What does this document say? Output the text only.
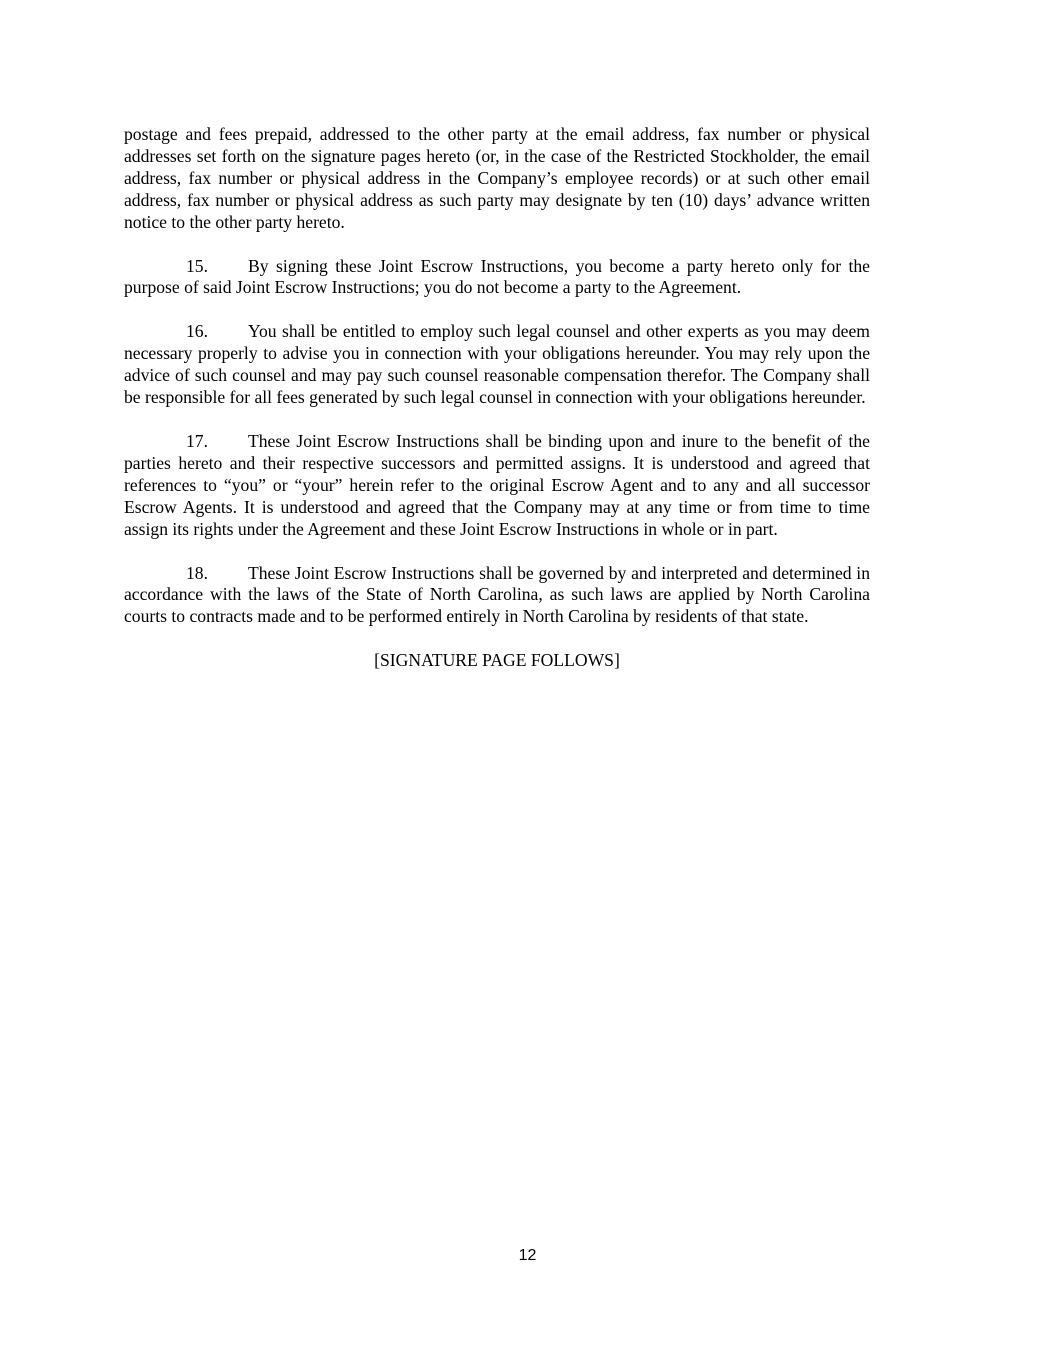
postage and fees prepaid, addressed to the other party at the email address, fax number or physical addresses set forth on the signature pages hereto (or, in the case of the Restricted Stockholder, the email address, fax number or physical address in the Company’s employee records) or at such other email address, fax number or physical address as such party may designate by ten (10) days’ advance written notice to the other party hereto.

15. By signing these Joint Escrow Instructions, you become a party hereto only for the purpose of said Joint Escrow Instructions; you do not become a party to the Agreement.

16. You shall be entitled to employ such legal counsel and other experts as you may deem necessary properly to advise you in connection with your obligations hereunder. You may rely upon the advice of such counsel and may pay such counsel reasonable compensation therefor. The Company shall be responsible for all fees generated by such legal counsel in connection with your obligations hereunder.

17. These Joint Escrow Instructions shall be binding upon and inure to the benefit of the parties hereto and their respective successors and permitted assigns. It is understood and agreed that references to “you” or “your” herein refer to the original Escrow Agent and to any and all successor Escrow Agents. It is understood and agreed that the Company may at any time or from time to time assign its rights under the Agreement and these Joint Escrow Instructions in whole or in part.

18. These Joint Escrow Instructions shall be governed by and interpreted and determined in accordance with the laws of the State of North Carolina, as such laws are applied by North Carolina courts to contracts made and to be performed entirely in North Carolina by residents of that state.

[SIGNATURE PAGE FOLLOWS]

12
